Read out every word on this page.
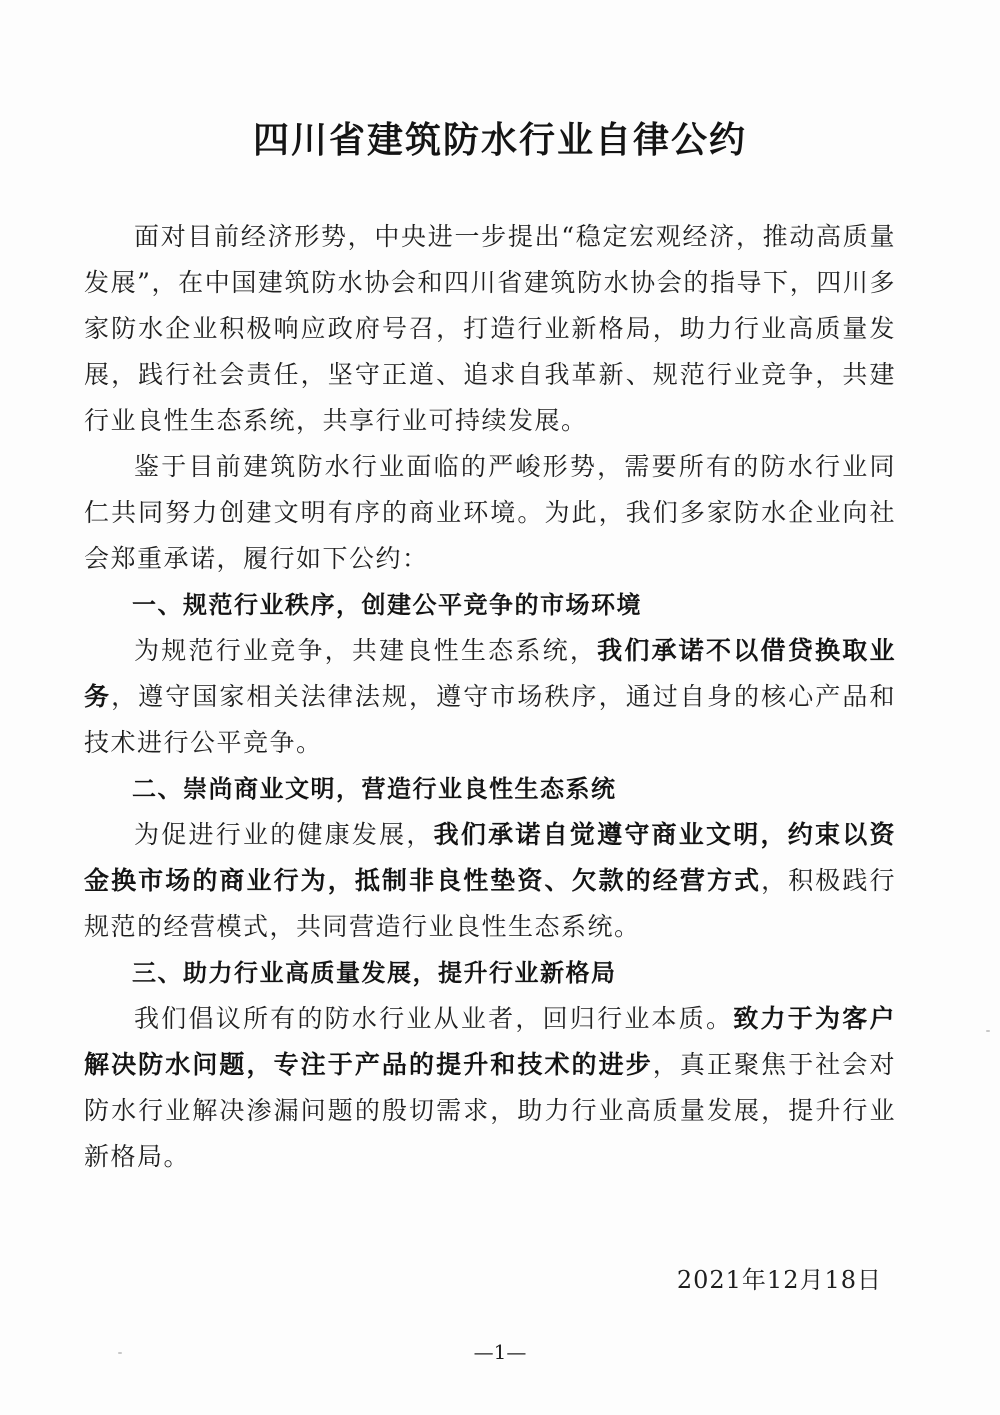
四川省建筑防水行业自律公约

面对目前经济形势，中央进一步提出“稳定宏观经济，推动高质量发展”，在中国建筑防水协会和四川省建筑防水协会的指导下，四川多家防水企业积极响应政府号召，打造行业新格局，助力行业高质量发展，践行社会责任，坚守正道、追求自我革新、规范行业竞争，共建行业良性生态系统，共享行业可持续发展。

鉴于目前建筑防水行业面临的严峻形势，需要所有的防水行业同仁共同努力创建文明有序的商业环境。为此，我们多家防水企业向社会郑重承诺，履行如下公约：

一、规范行业秩序，创建公平竞争的市场环境

为规范行业竞争，共建良性生态系统，我们承诺不以借贷换取业务，遵守国家相关法律法规，遵守市场秩序，通过自身的核心产品和技术进行公平竞争。

二、崇尚商业文明，营造行业良性生态系统

为促进行业的健康发展，我们承诺自觉遵守商业文明，约束以资金换市场的商业行为，抵制非良性垫资、欠款的经营方式，积极践行规范的经营模式，共同营造行业良性生态系统。

三、助力行业高质量发展，提升行业新格局

我们倡议所有的防水行业从业者，回归行业本质。致力于为客户解决防水问题，专注于产品的提升和技术的进步，真正聚焦于社会对防水行业解决渗漏问题的殷切需求，助力行业高质量发展，提升行业新格局。

2021年12月18日
—1—
